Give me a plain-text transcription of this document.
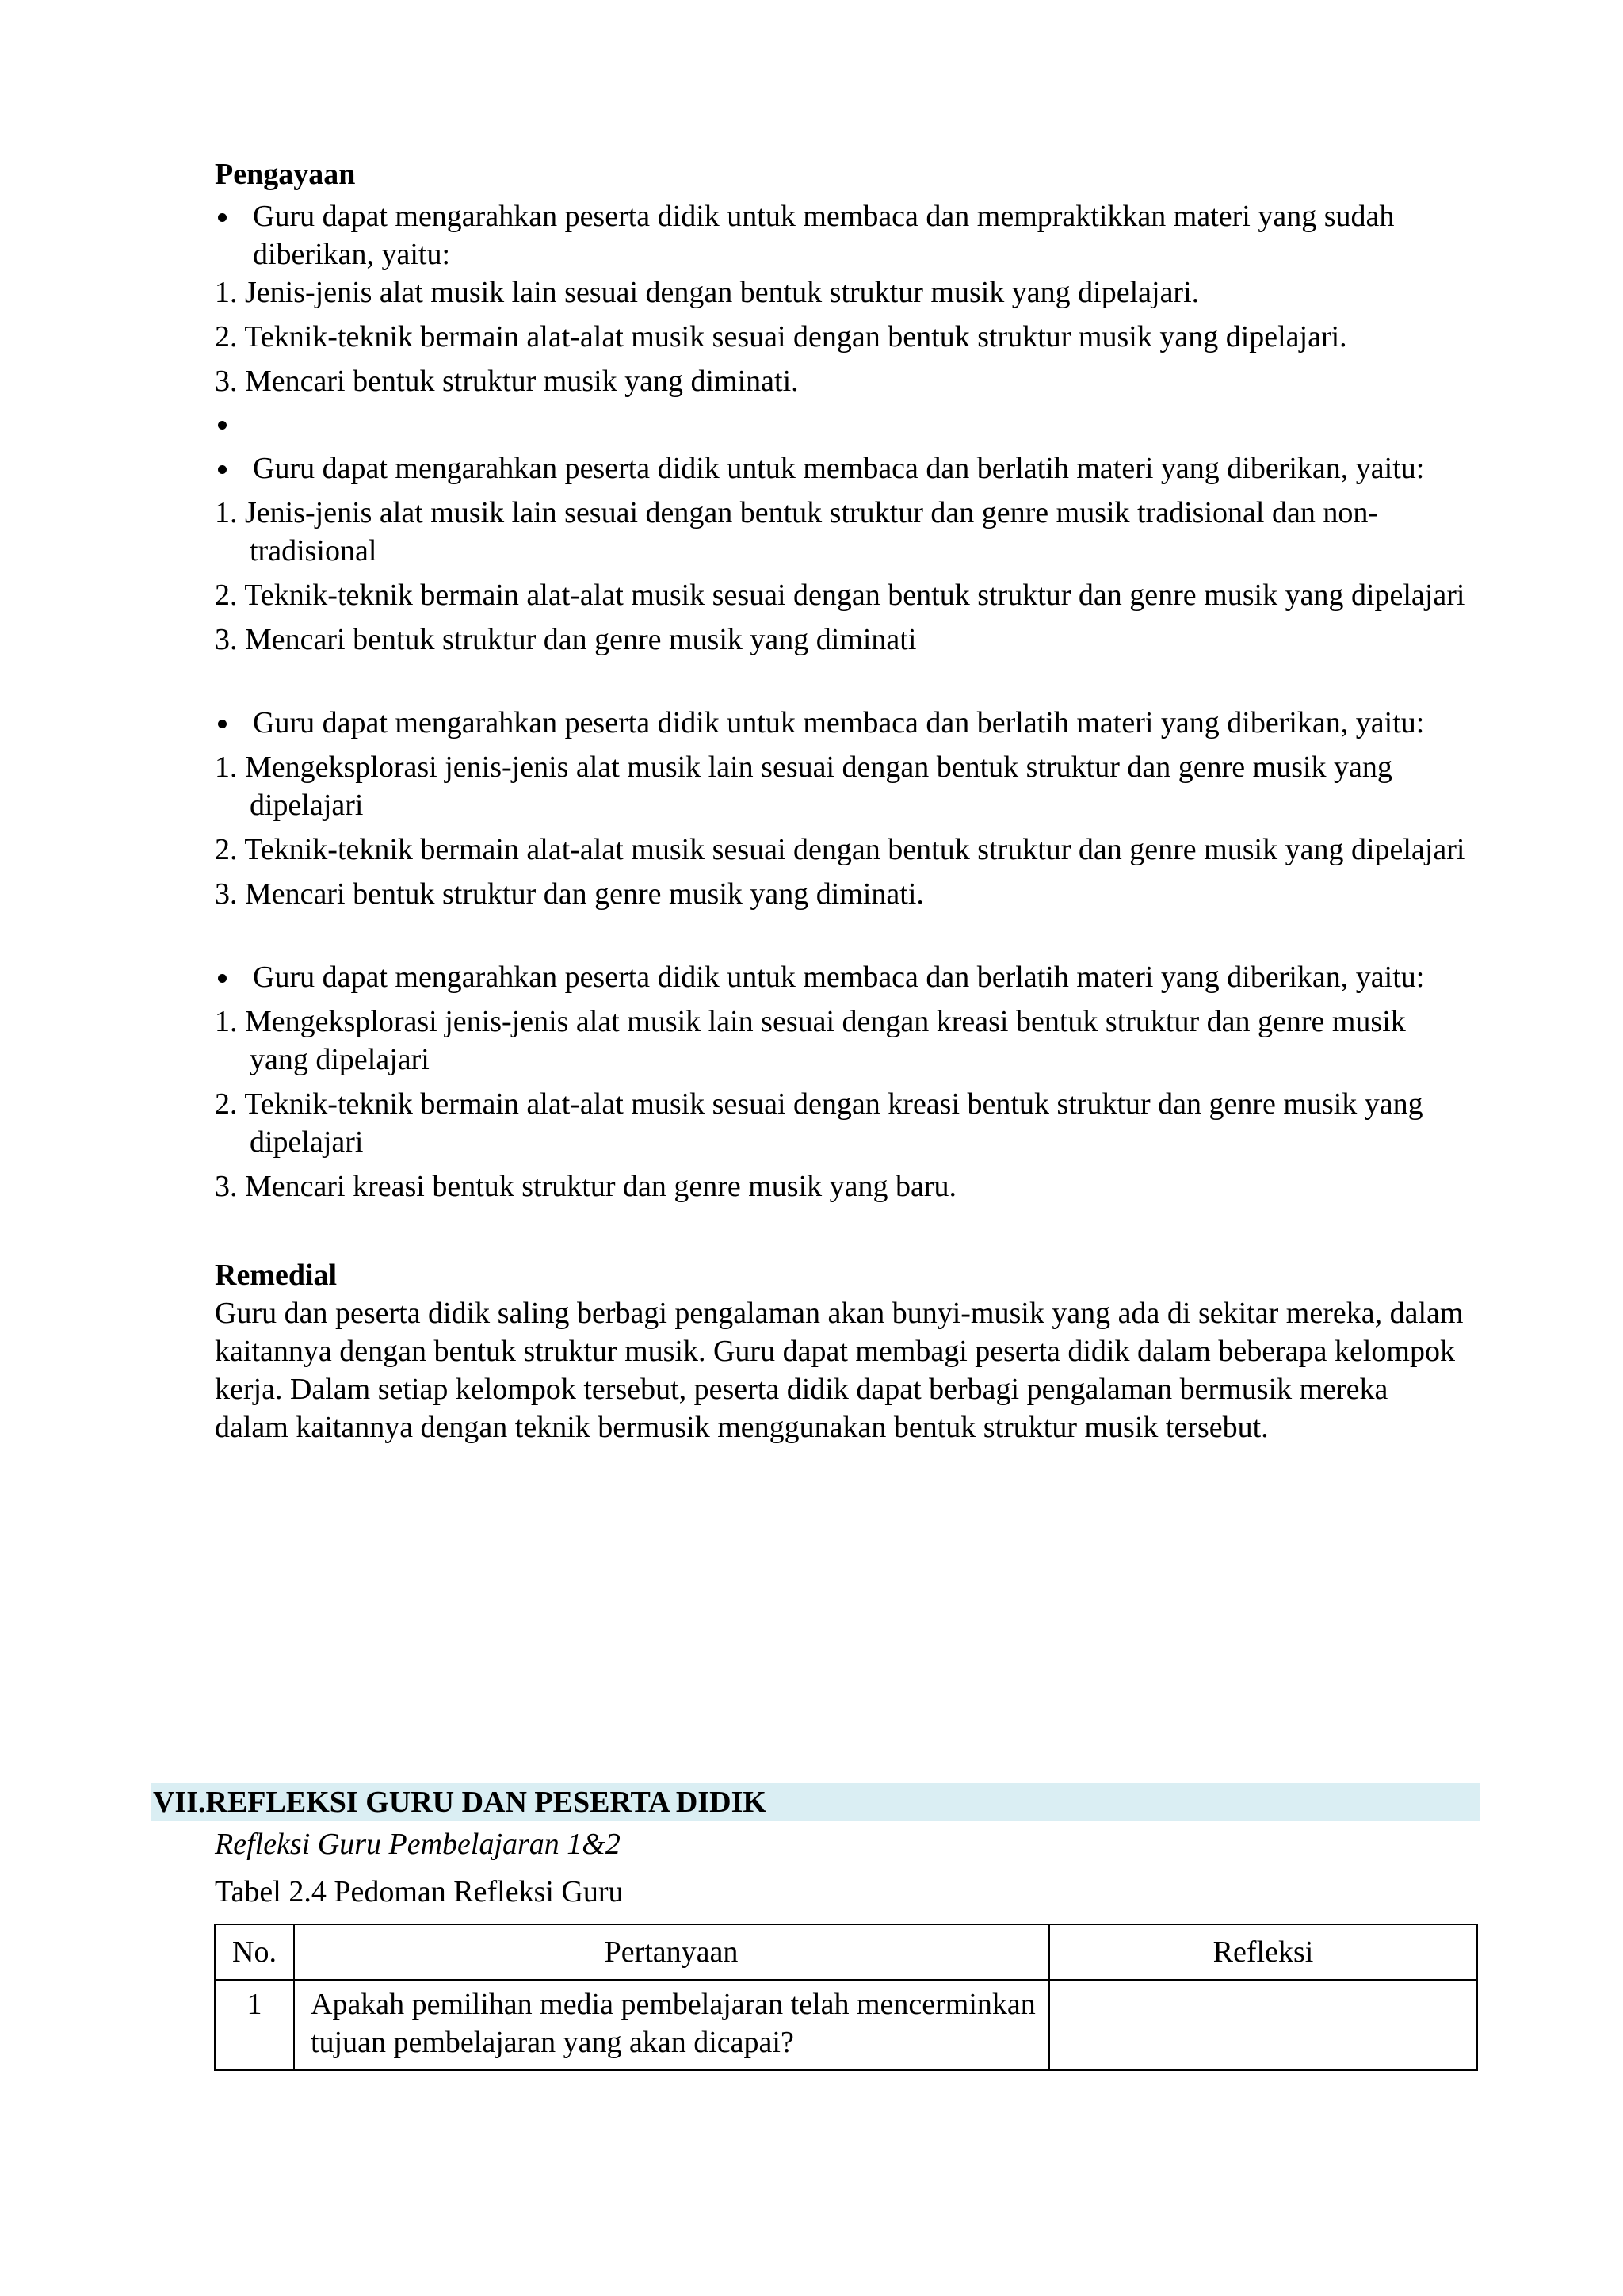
Pengayaan
Guru dapat mengarahkan peserta didik untuk membaca dan mempraktikkan materi yang sudah diberikan, yaitu:
1. Jenis-jenis alat musik lain sesuai dengan bentuk struktur musik yang dipelajari.
2. Teknik-teknik bermain alat-alat musik sesuai dengan bentuk struktur musik yang dipelajari.
3. Mencari bentuk struktur musik yang diminati.
Guru dapat mengarahkan peserta didik untuk membaca dan berlatih materi yang diberikan, yaitu:
1. Jenis-jenis alat musik lain sesuai dengan bentuk struktur dan genre musik tradisional dan non-tradisional
2. Teknik-teknik bermain alat-alat musik sesuai dengan bentuk struktur dan genre musik yang dipelajari
3. Mencari bentuk struktur dan genre musik yang diminati
Guru dapat mengarahkan peserta didik untuk membaca dan berlatih materi yang diberikan, yaitu:
1. Mengeksplorasi jenis-jenis alat musik lain sesuai dengan bentuk struktur dan genre musik yang dipelajari
2. Teknik-teknik bermain alat-alat musik sesuai dengan bentuk struktur dan genre musik yang dipelajari
3. Mencari bentuk struktur dan genre musik yang diminati.
Guru dapat mengarahkan peserta didik untuk membaca dan berlatih materi yang diberikan, yaitu:
1. Mengeksplorasi jenis-jenis alat musik lain sesuai dengan kreasi bentuk struktur dan genre musik yang dipelajari
2. Teknik-teknik bermain alat-alat musik sesuai dengan kreasi bentuk struktur dan genre musik yang dipelajari
3. Mencari kreasi bentuk struktur dan genre musik yang baru.
Remedial
Guru dan peserta didik saling berbagi pengalaman akan bunyi-musik yang ada di sekitar mereka, dalam kaitannya dengan bentuk struktur musik. Guru dapat membagi peserta didik dalam beberapa kelompok kerja. Dalam setiap kelompok tersebut, peserta didik dapat berbagi pengalaman bermusik mereka dalam kaitannya dengan teknik bermusik menggunakan bentuk struktur musik tersebut.
VII.REFLEKSI GURU DAN PESERTA DIDIK
Refleksi Guru Pembelajaran 1&2
Tabel 2.4 Pedoman Refleksi Guru
No.	Pertanyaan	Refleksi
1	Apakah pemilihan media pembelajaran telah mencerminkan tujuan pembelajaran yang akan dicapai?	
